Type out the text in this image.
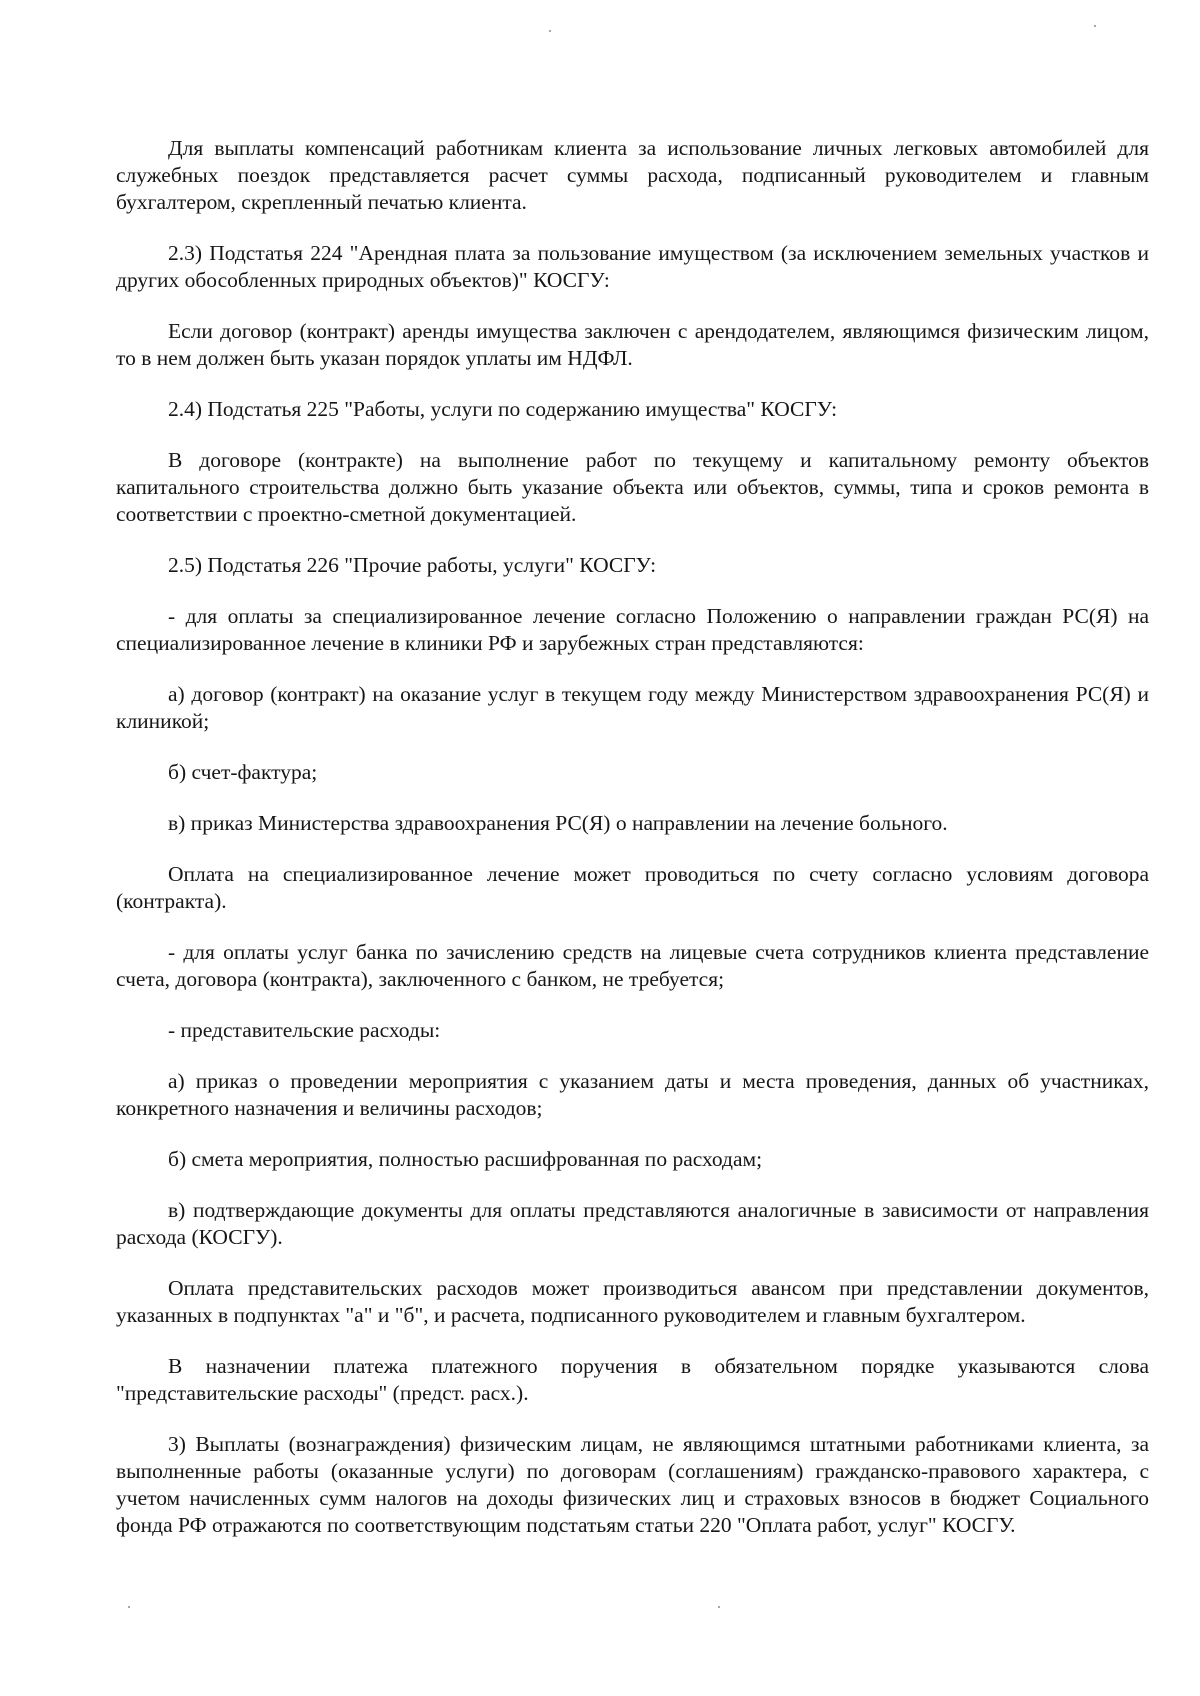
Для выплаты компенсаций работникам клиента за использование личных легковых автомобилей для служебных поездок представляется расчет суммы расхода, подписанный руководителем и главным бухгалтером, скрепленный печатью клиента.

2.3) Подстатья 224 "Арендная плата за пользование имуществом (за исключением земельных участков и других обособленных природных объектов)" КОСГУ:

Если договор (контракт) аренды имущества заключен с арендодателем, являющимся физическим лицом, то в нем должен быть указан порядок уплаты им НДФЛ.

2.4) Подстатья 225 "Работы, услуги по содержанию имущества" КОСГУ:

В договоре (контракте) на выполнение работ по текущему и капитальному ремонту объектов капитального строительства должно быть указание объекта или объектов, суммы, типа и сроков ремонта в соответствии с проектно-сметной документацией.

2.5) Подстатья 226 "Прочие работы, услуги" КОСГУ:

- для оплаты за специализированное лечение согласно Положению о направлении граждан РС(Я) на специализированное лечение в клиники РФ и зарубежных стран представляются:

а) договор (контракт) на оказание услуг в текущем году между Министерством здравоохранения РС(Я) и клиникой;

б) счет-фактура;

в) приказ Министерства здравоохранения РС(Я) о направлении на лечение больного.

Оплата на специализированное лечение может проводиться по счету согласно условиям договора (контракта).

- для оплаты услуг банка по зачислению средств на лицевые счета сотрудников клиента представление счета, договора (контракта), заключенного с банком, не требуется;

- представительские расходы:

а) приказ о проведении мероприятия с указанием даты и места проведения, данных об участниках, конкретного назначения и величины расходов;

б) смета мероприятия, полностью расшифрованная по расходам;

в) подтверждающие документы для оплаты представляются аналогичные в зависимости от направления расхода (КОСГУ).

Оплата представительских расходов может производиться авансом при представлении документов, указанных в подпунктах "а" и "б", и расчета, подписанного руководителем и главным бухгалтером.

В назначении платежа платежного поручения в обязательном порядке указываются слова "представительские расходы" (предст. расх.).

3) Выплаты (вознаграждения) физическим лицам, не являющимся штатными работниками клиента, за выполненные работы (оказанные услуги) по договорам (соглашениям) гражданско-правового характера, с учетом начисленных сумм налогов на доходы физических лиц и страховых взносов в бюджет Социального фонда РФ отражаются по соответствующим подстатьям статьи 220 "Оплата работ, услуг" КОСГУ.
